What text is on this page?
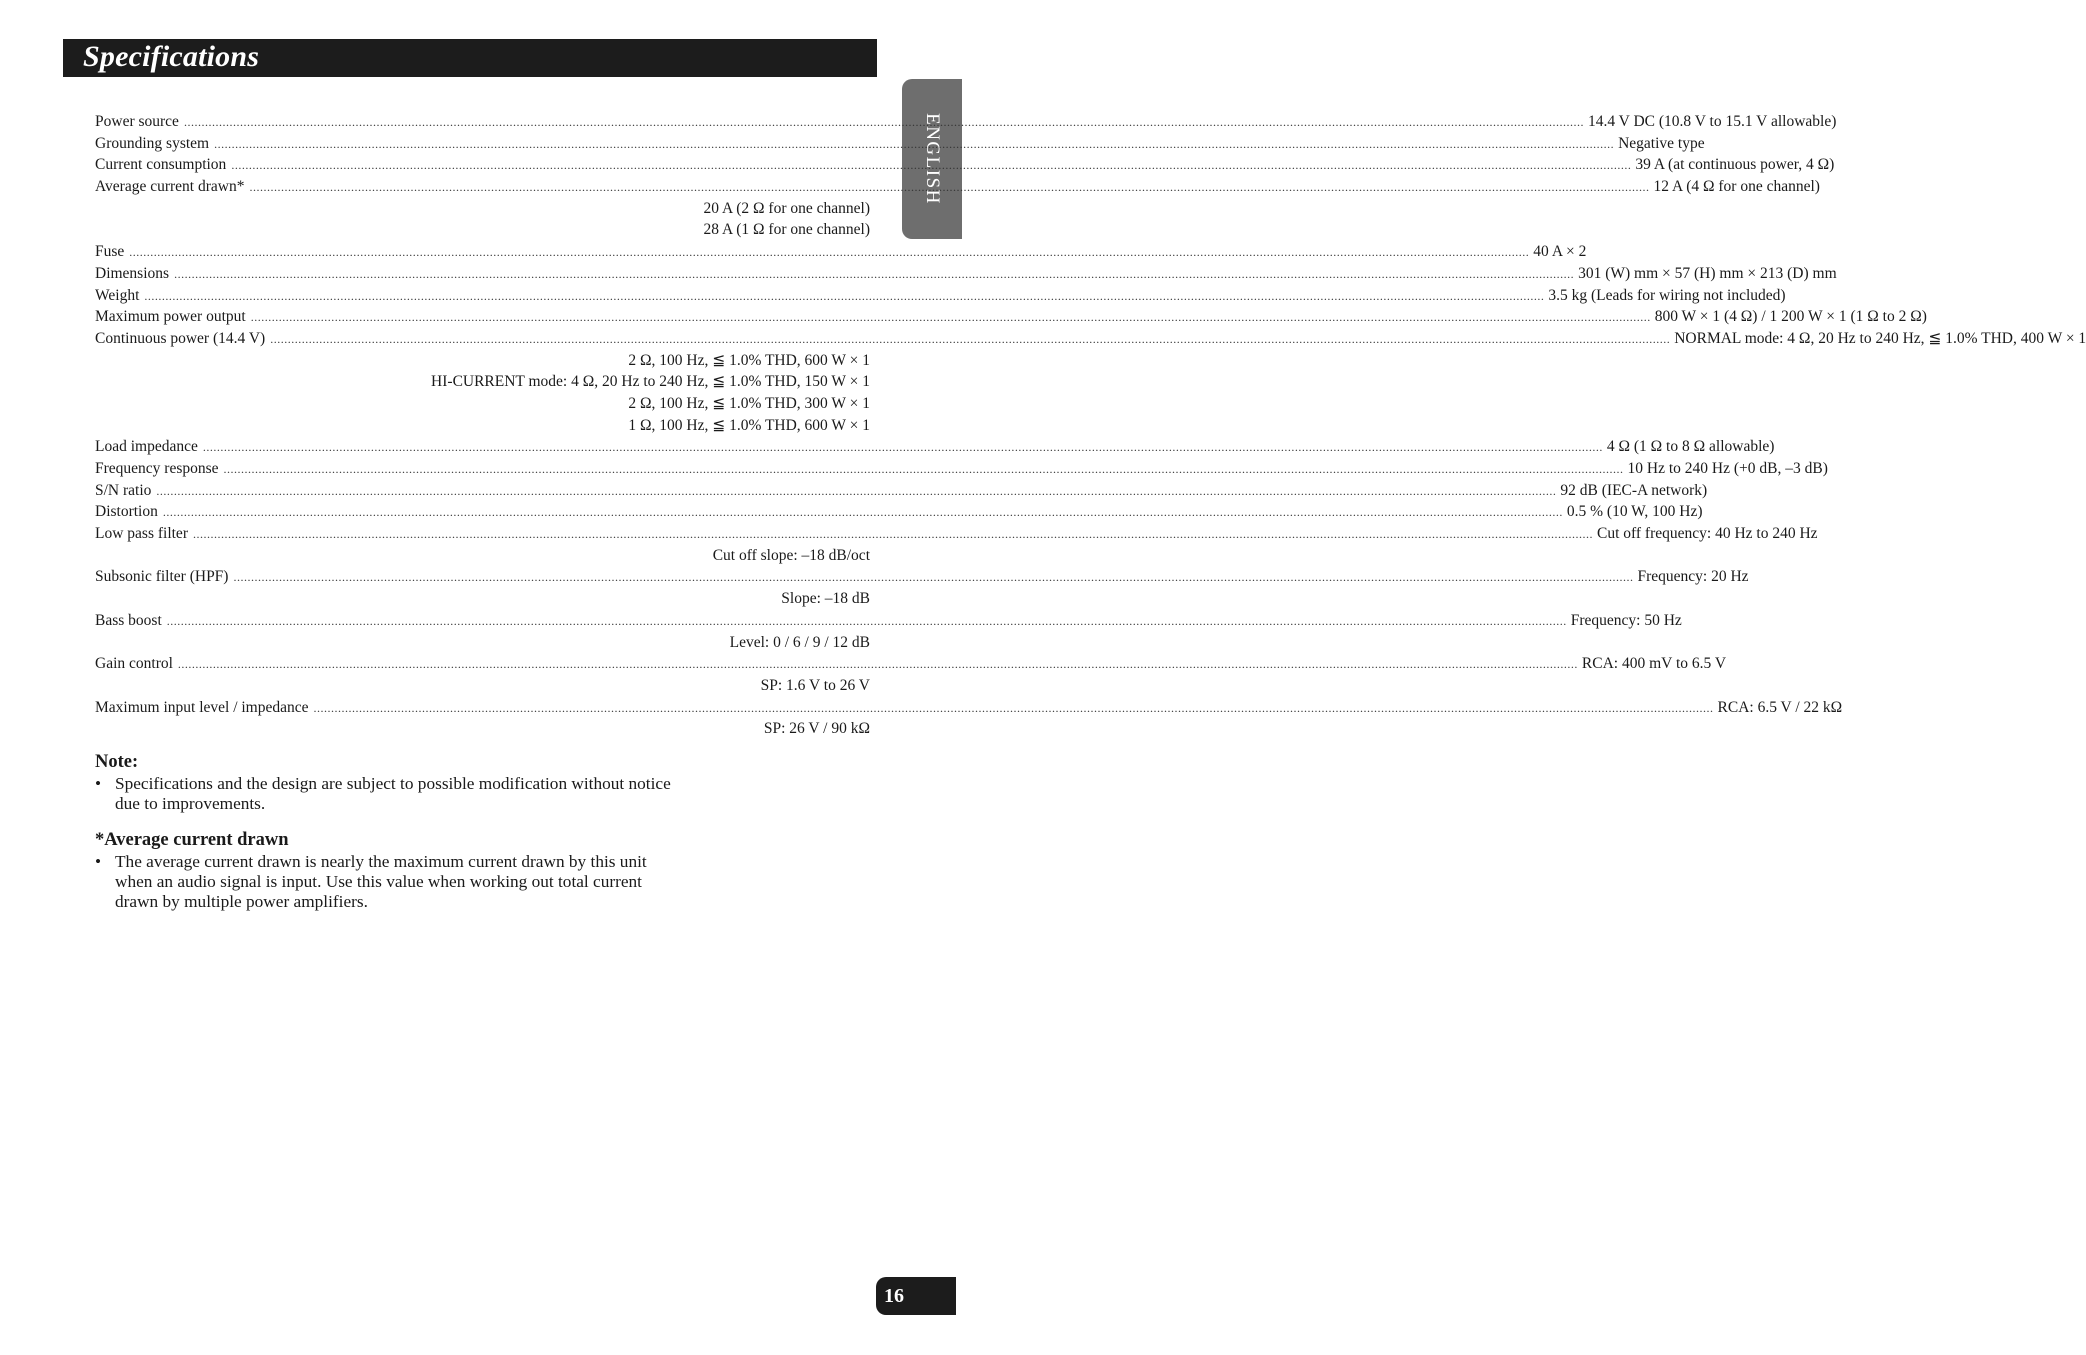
Specifications
ENGLISH
Power source ................................................................................................................................................................................................................................................................................................................................................................................................................ 14.4 V DC (10.8 V to 15.1 V allowable)
Grounding system ................................................................................................................................................................................................................................................................................................................................................................................................................ Negative type
Current consumption ................................................................................................................................................................................................................................................................................................................................................................................................................ 39 A (at continuous power, 4 Ω)
Average current drawn* ................................................................................................................................................................................................................................................................................................................................................................................................................ 12 A (4 Ω for one channel)
20 A (2 Ω for one channel)
28 A (1 Ω for one channel)
Fuse ................................................................................................................................................................................................................................................................................................................................................................................................................ 40 A × 2
Dimensions ................................................................................................................................................................................................................................................................................................................................................................................................................ 301 (W) mm × 57 (H) mm × 213 (D) mm
Weight ................................................................................................................................................................................................................................................................................................................................................................................................................ 3.5 kg (Leads for wiring not included)
Maximum power output ................................................................................................................................................................................................................................................................................................................................................................................................................ 800 W × 1 (4 Ω) / 1 200 W × 1 (1 Ω to 2 Ω)
Continuous power (14.4 V) ................................................................................................................................................................................................................................................................................................................................................................................................................ NORMAL mode: 4 Ω, 20 Hz to 240 Hz, ≦ 1.0% THD, 400 W × 1
2 Ω, 100 Hz, ≦ 1.0% THD, 600 W × 1
HI-CURRENT mode: 4 Ω, 20 Hz to 240 Hz, ≦ 1.0% THD, 150 W × 1
2 Ω, 100 Hz, ≦ 1.0% THD, 300 W × 1
1 Ω, 100 Hz, ≦ 1.0% THD, 600 W × 1
Load impedance ................................................................................................................................................................................................................................................................................................................................................................................................................ 4 Ω (1 Ω to 8 Ω allowable)
Frequency response ................................................................................................................................................................................................................................................................................................................................................................................................................ 10 Hz to 240 Hz (+0 dB, –3 dB)
S/N ratio ................................................................................................................................................................................................................................................................................................................................................................................................................ 92 dB (IEC-A network)
Distortion ................................................................................................................................................................................................................................................................................................................................................................................................................ 0.5 % (10 W, 100 Hz)
Low pass filter ................................................................................................................................................................................................................................................................................................................................................................................................................ Cut off frequency: 40 Hz to 240 Hz
Cut off slope: –18 dB/oct
Subsonic filter (HPF) ................................................................................................................................................................................................................................................................................................................................................................................................................ Frequency: 20 Hz
Slope: –18 dB
Bass boost ................................................................................................................................................................................................................................................................................................................................................................................................................ Frequency: 50 Hz
Level: 0 / 6 / 9 / 12 dB
Gain control ................................................................................................................................................................................................................................................................................................................................................................................................................ RCA: 400 mV to 6.5 V
SP: 1.6 V to 26 V
Maximum input level / impedance ................................................................................................................................................................................................................................................................................................................................................................................................................ RCA: 6.5 V / 22 kΩ
SP: 26 V / 90 kΩ
Note:
• Specifications and the design are subject to possible modification without notice
due to improvements.
*Average current drawn
• The average current drawn is nearly the maximum current drawn by this unit
when an audio signal is input. Use this value when working out total current
drawn by multiple power amplifiers.
16
